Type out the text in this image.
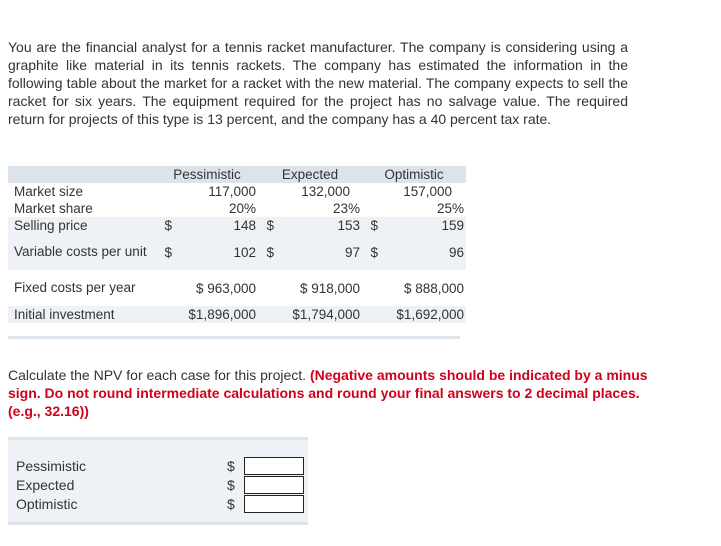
You are the financial analyst for a tennis racket manufacturer. The company is considering using a graphite like material in its tennis rackets. The company has estimated the information in the following table about the market for a racket with the new material. The company expects to sell the racket for six years. The equipment required for the project has no salvage value. The required return for projects of this type is 13 percent, and the company has a 40 percent tax rate.

	Pessimistic		Expected		Optimistic	
Market size		117,000		132,000		157,000
Market share		20%		23%		25%
Selling price	$	148	$	153	$	159
Variable costs per unit	$	102	$	97	$	96
Fixed costs per year		$ 963,000		$ 918,000		$ 888,000
Initial investment		$1,896,000		$1,794,000		$1,692,000

Calculate the NPV for each case for this project. (Negative amounts should be indicated by a minus sign. Do not round intermediate calculations and round your final answers to 2 decimal places. (e.g., 32.16))

Pessimistic	$
Expected	$
Optimistic	$
